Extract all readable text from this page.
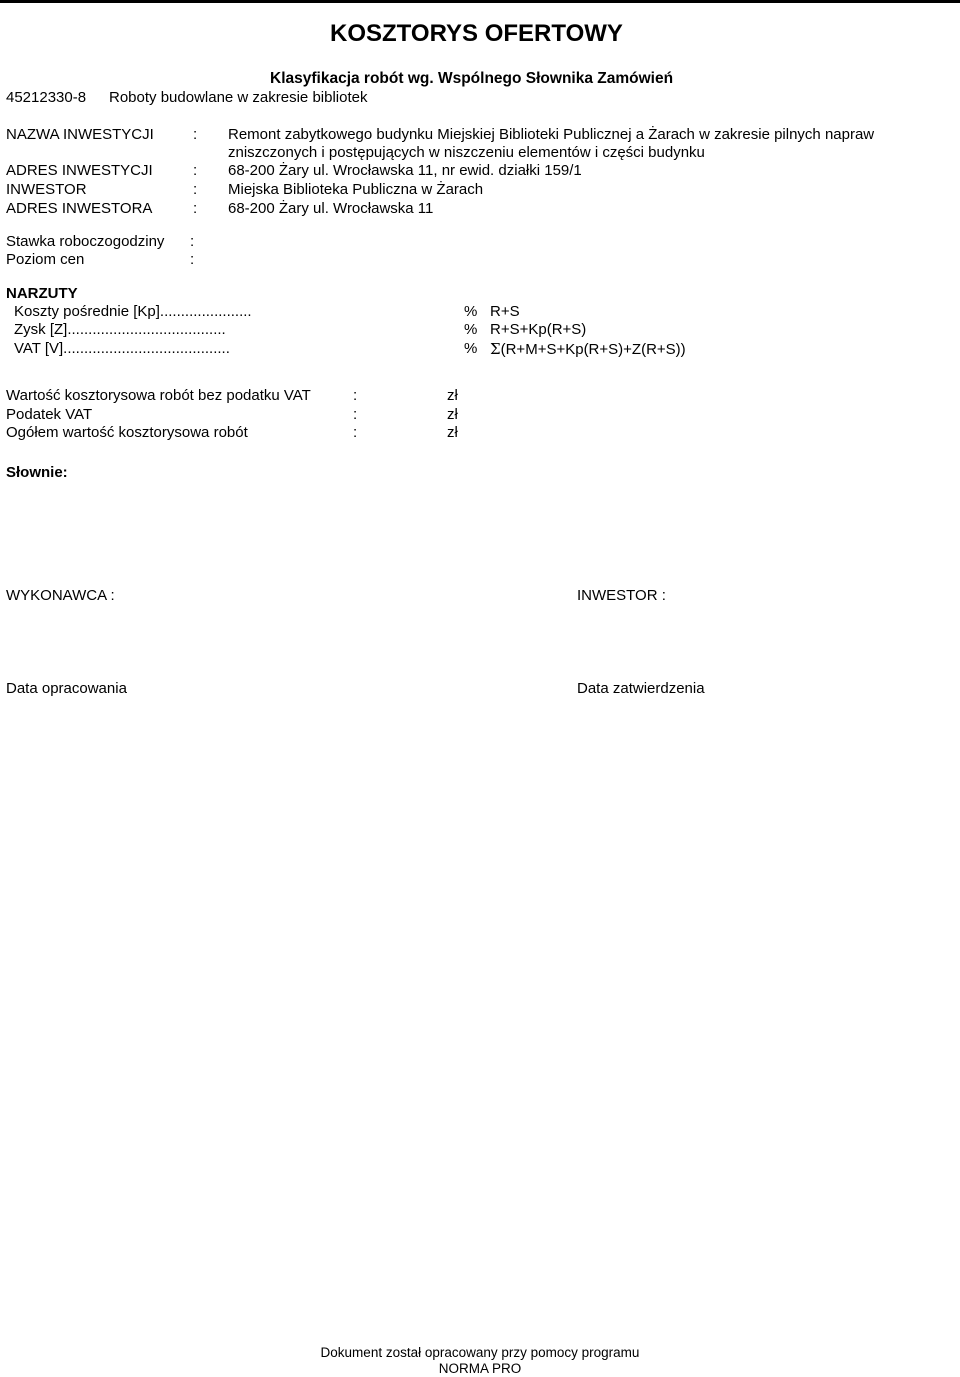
KOSZTORYS OFERTOWY
Klasyfikacja robót wg. Wspólnego Słownika Zamówień
45212330-8 Roboty budowlane w zakresie bibliotek
NAZWA INWESTYCJI	: Remont zabytkowego budynku Miejskiej Biblioteki Publicznej a Żarach w zakresie pilnych napraw
zniszczonych i postępujących w niszczeniu elementów i części budynku
ADRES INWESTYCJI	: 68-200 Żary ul. Wrocławska 11, nr ewid. działki 159/1
INWESTOR	: Miejska Biblioteka Publiczna w Żarach
ADRES INWESTORA	: 68-200 Żary ul. Wrocławska 11
Stawka roboczogodziny :
Poziom cen	:
NARZUTY
Koszty pośrednie [Kp]......................	% R+S
Zysk [Z]......................................	% R+S+Kp(R+S)
VAT [V]........................................	% Σ(R+M+S+Kp(R+S)+Z(R+S))
Wartość kosztorysowa robót bez podatku VAT	:	zł
Podatek VAT	:	zł
Ogółem wartość kosztorysowa robót	:	zł
Słownie:
WYKONAWCA :	INWESTOR :
Data opracowania	Data zatwierdzenia
Dokument został opracowany przy pomocy programu
NORMA PRO
